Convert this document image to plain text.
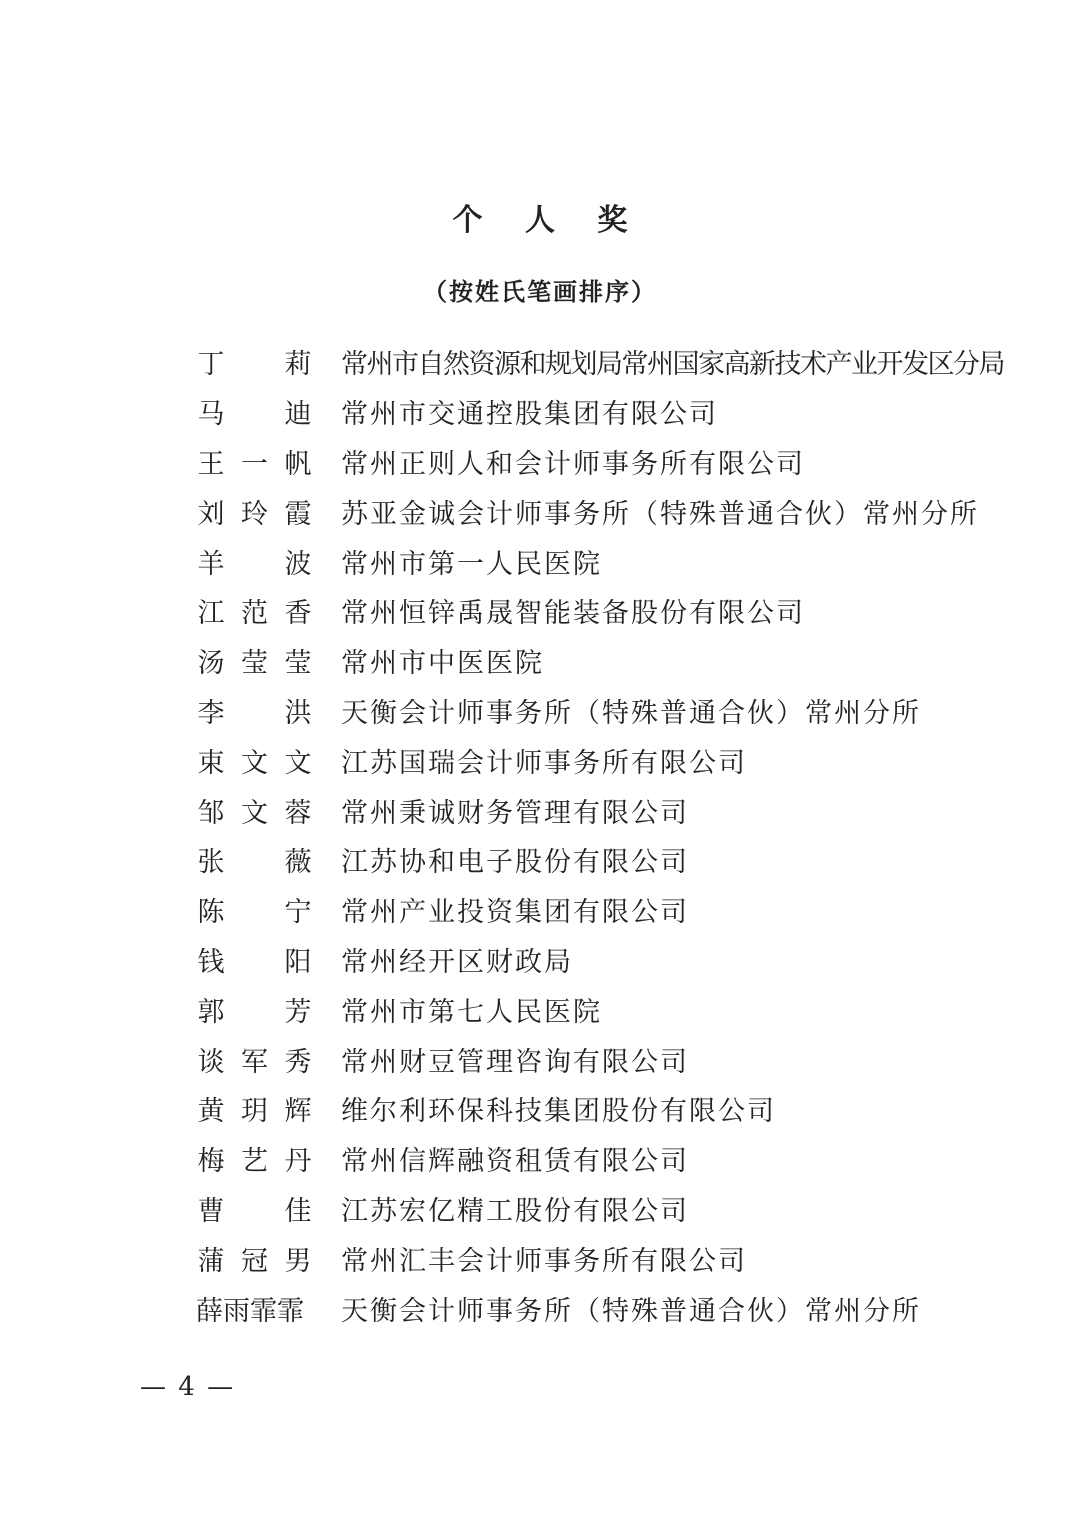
个 人 奖
（按姓氏笔画排序）
丁 莉 常州市自然资源和规划局常州国家高新技术产业开发区分局
马 迪 常州市交通控股集团有限公司
王 一 帆 常州正则人和会计师事务所有限公司
刘 玲 霞 苏亚金诚会计师事务所（特殊普通合伙）常州分所
羊 波 常州市第一人民医院
江 范 香 常州恒锌禹晟智能装备股份有限公司
汤 莹 莹 常州市中医医院
李 洪 天衡会计师事务所（特殊普通合伙）常州分所
束 文 文 江苏国瑞会计师事务所有限公司
邹 文 蓉 常州秉诚财务管理有限公司
张 薇 江苏协和电子股份有限公司
陈 宁 常州产业投资集团有限公司
钱 阳 常州经开区财政局
郭 芳 常州市第七人民医院
谈 军 秀 常州财豆管理咨询有限公司
黄 玥 辉 维尔利环保科技集团股份有限公司
梅 艺 丹 常州信辉融资租赁有限公司
曹 佳 江苏宏亿精工股份有限公司
蒲 冠 男 常州汇丰会计师事务所有限公司
薛雨霏霏 天衡会计师事务所（特殊普通合伙）常州分所
— 4 —
